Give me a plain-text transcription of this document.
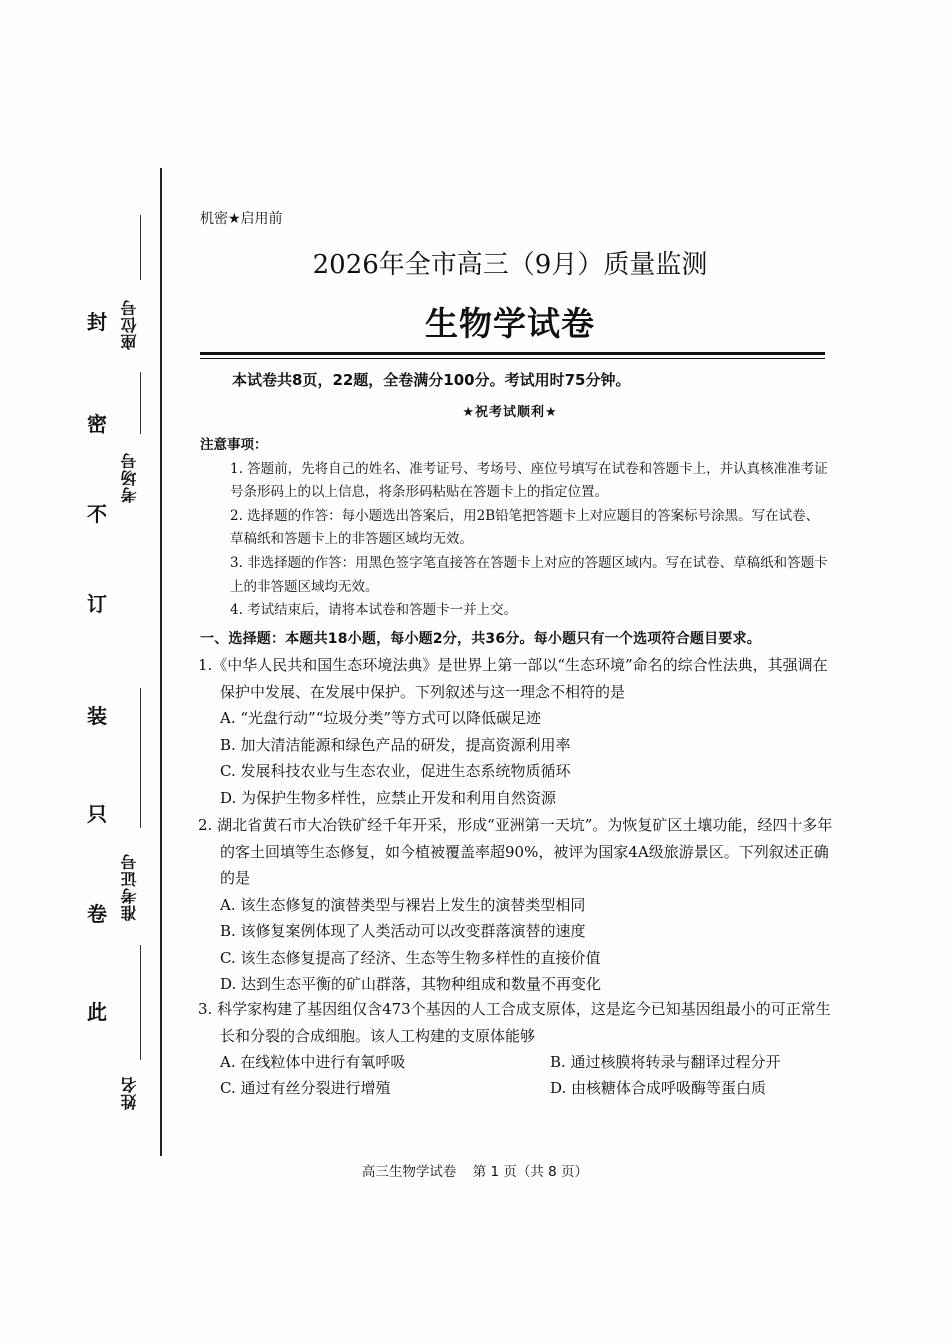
封
密
不
订
装
只
卷
此
座位号
考场号
准考证号
姓名
机密★启用前
2026年全市高三（9月）质量监测
生物学试卷
本试卷共8页，22题，全卷满分100分。考试用时75分钟。
★祝考试顺利★
注意事项：

1. 答题前，先将自己的姓名、准考证号、考场号、座位号填写在试卷和答题卡上，并认真核准准考证号条形码上的以上信息，将条形码粘贴在答题卡上的指定位置。

2. 选择题的作答：每小题选出答案后，用2B铅笔把答题卡上对应题目的答案标号涂黑。写在试卷、草稿纸和答题卡上的非答题区域均无效。

3. 非选择题的作答：用黑色签字笔直接答在答题卡上对应的答题区域内。写在试卷、草稿纸和答题卡上的非答题区域均无效。

4. 考试结束后，请将本试卷和答题卡一并上交。

一、选择题：本题共18小题，每小题2分，共36分。每小题只有一个选项符合题目要求。

1.《中华人民共和国生态环境法典》是世界上第一部以“生态环境”命名的综合性法典，其强调在保护中发展、在发展中保护。下列叙述与这一理念不相符的是

A. “光盘行动”“垃圾分类”等方式可以降低碳足迹

B. 加大清洁能源和绿色产品的研发，提高资源利用率

C. 发展科技农业与生态农业，促进生态系统物质循环

D. 为保护生物多样性，应禁止开发和利用自然资源

2. 湖北省黄石市大冶铁矿经千年开采，形成“亚洲第一天坑”。为恢复矿区土壤功能，经四十多年的客土回填等生态修复，如今植被覆盖率超90%，被评为国家4A级旅游景区。下列叙述正确的是

A. 该生态修复的演替类型与裸岩上发生的演替类型相同

B. 该修复案例体现了人类活动可以改变群落演替的速度

C. 该生态修复提高了经济、生态等生物多样性的直接价值

D. 达到生态平衡的矿山群落，其物种组成和数量不再变化

3. 科学家构建了基因组仅含473个基因的人工合成支原体，这是迄今已知基因组最小的可正常生长和分裂的合成细胞。该人工构建的支原体能够

A. 在线粒体中进行有氧呼吸	B. 通过核膜将转录与翻译过程分开

C. 通过有丝分裂进行增殖	D. 由核糖体合成呼吸酶等蛋白质

高三生物学试卷 第 1 页（共 8 页）
